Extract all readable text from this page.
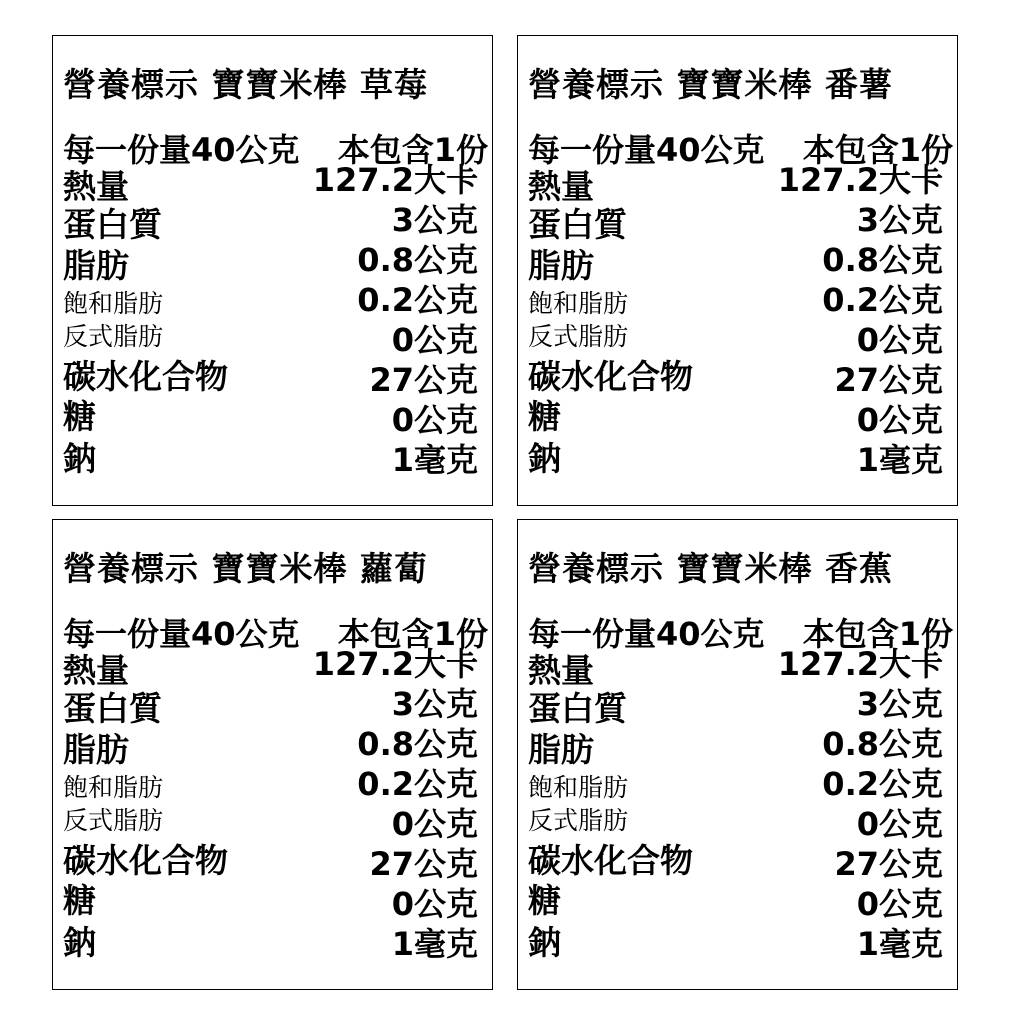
營養標示 寶寶米棒 草莓
每一份量40公克 本包含1份
熱量	127.2大卡
蛋白質	3公克
脂肪	0.8公克
飽和脂肪	0.2公克
反式脂肪	0公克
碳水化合物	27公克
糖	0公克
鈉	1毫克
營養標示 寶寶米棒 番薯
每一份量40公克 本包含1份
熱量	127.2大卡
蛋白質	3公克
脂肪	0.8公克
飽和脂肪	0.2公克
反式脂肪	0公克
碳水化合物	27公克
糖	0公克
鈉	1毫克
營養標示 寶寶米棒 蘿蔔
每一份量40公克 本包含1份
熱量	127.2大卡
蛋白質	3公克
脂肪	0.8公克
飽和脂肪	0.2公克
反式脂肪	0公克
碳水化合物	27公克
糖	0公克
鈉	1毫克
營養標示 寶寶米棒 香蕉
每一份量40公克 本包含1份
熱量	127.2大卡
蛋白質	3公克
脂肪	0.8公克
飽和脂肪	0.2公克
反式脂肪	0公克
碳水化合物	27公克
糖	0公克
鈉	1毫克
